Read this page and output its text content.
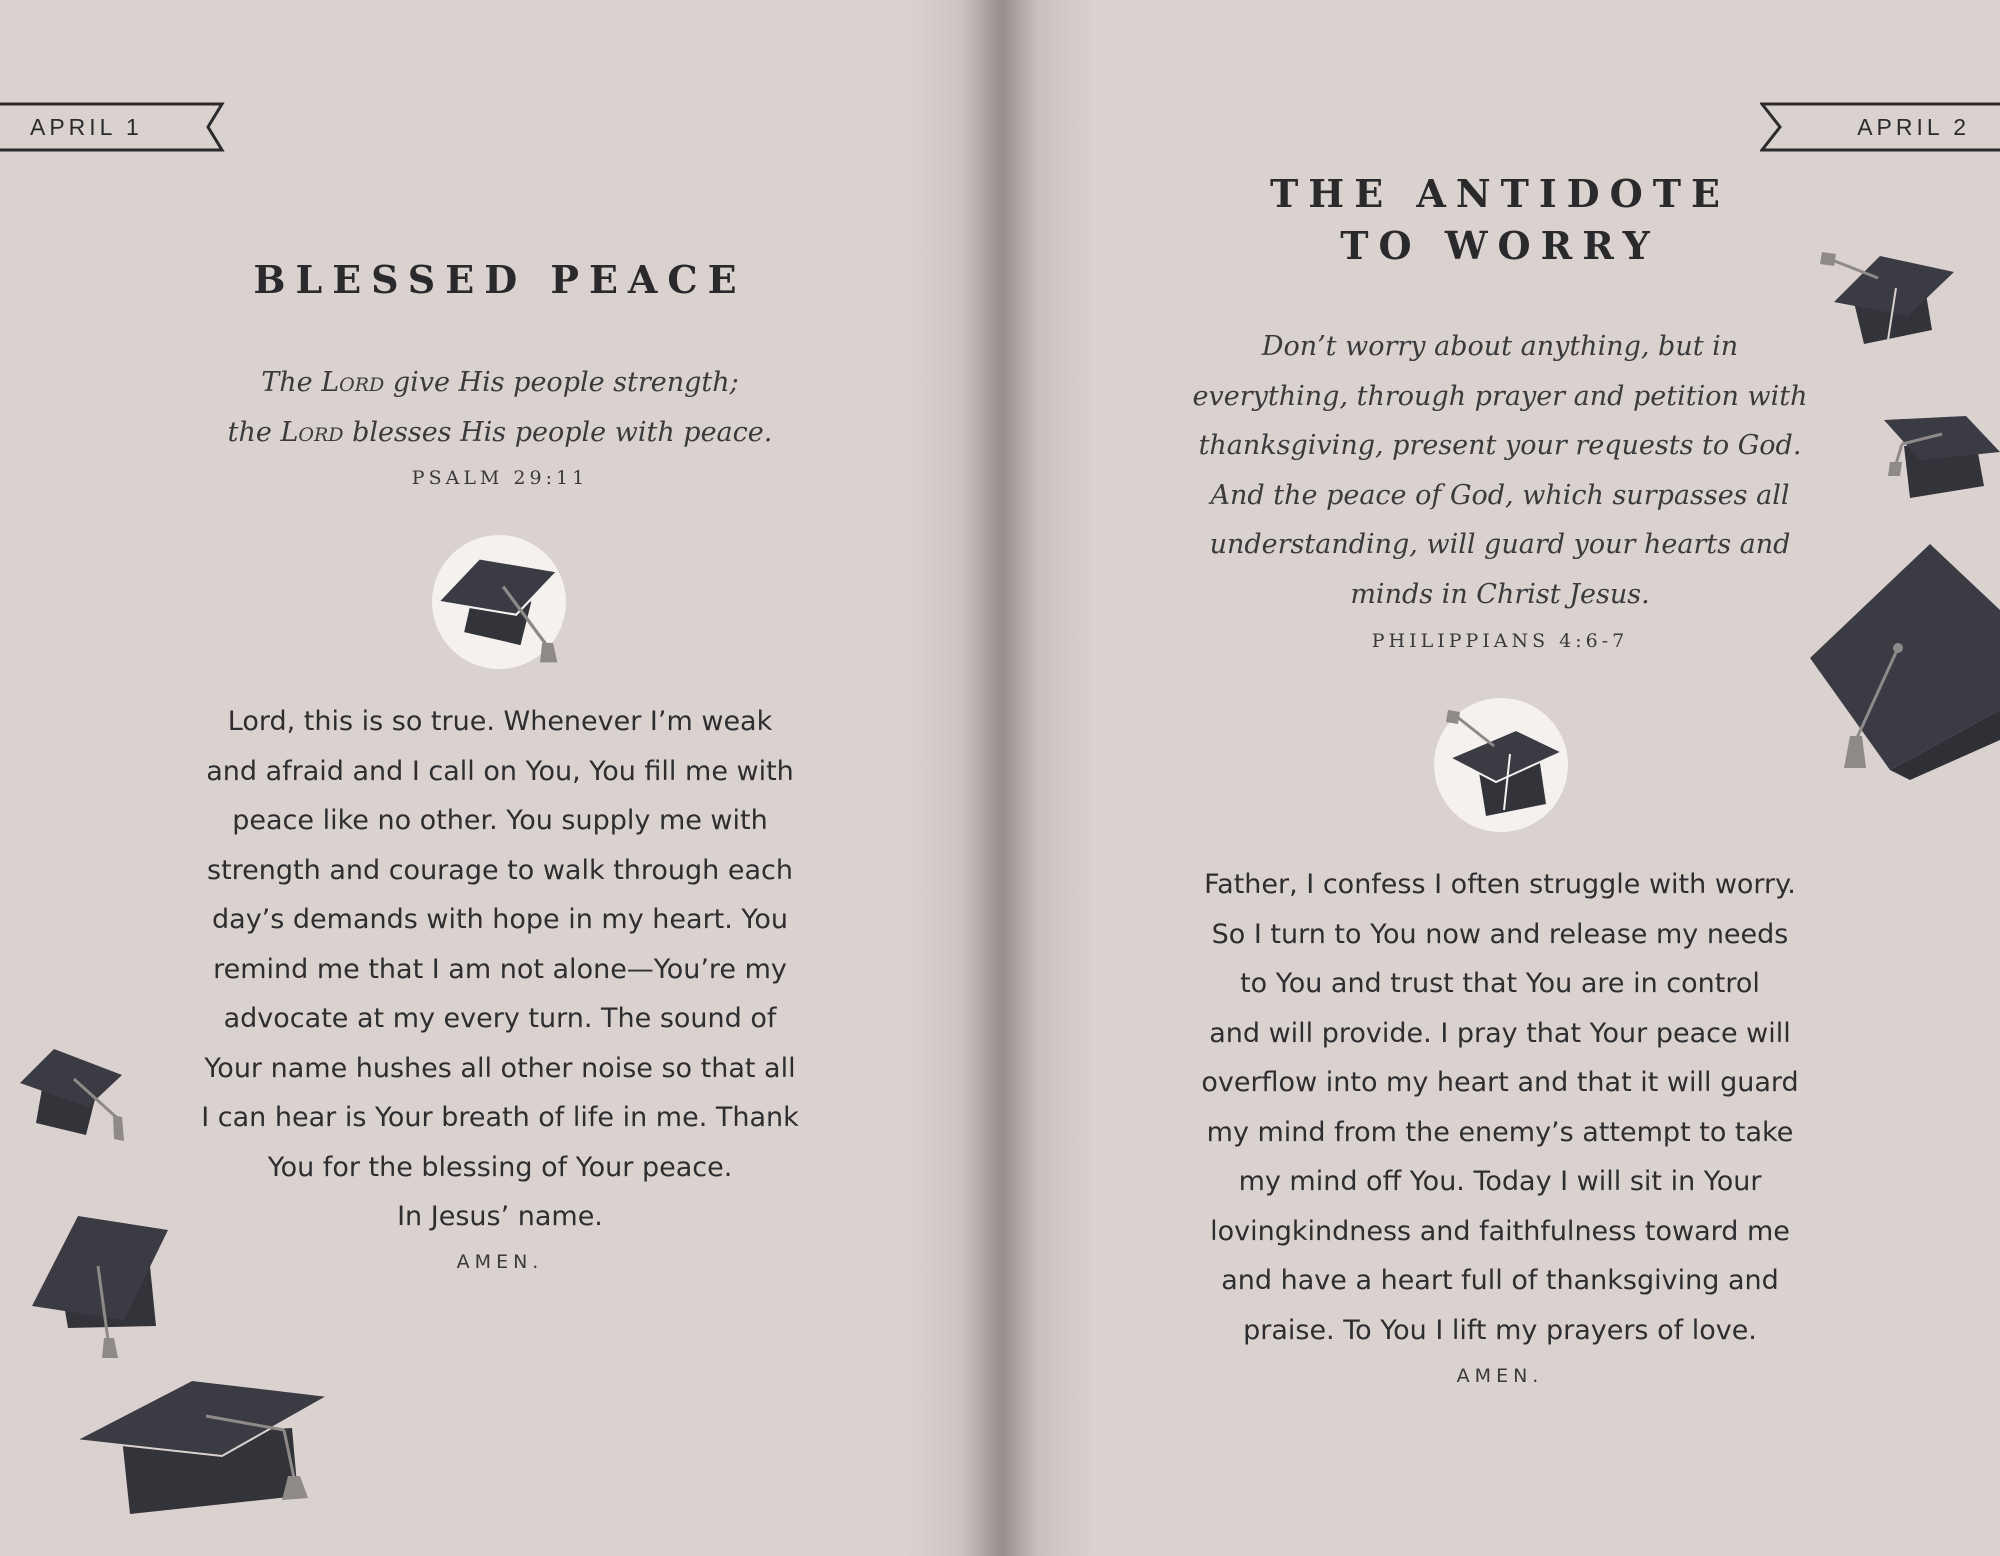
APRIL 1
BLESSED PEACE
The Lord give His people strength;
the Lord blesses His people with peace.
PSALM 29:11
Lord, this is so true. Whenever I’m weak
and afraid and I call on You, You fill me with
peace like no other. You supply me with
strength and courage to walk through each
day’s demands with hope in my heart. You
remind me that I am not alone—You’re my
advocate at my every turn. The sound of
Your name hushes all other noise so that all
I can hear is Your breath of life in me. Thank
You for the blessing of Your peace.
In Jesus’ name.
AMEN.
THE ANTIDOTE
TO WORRY
Don’t worry about anything, but in
everything, through prayer and petition with
thanksgiving, present your requests to God.
And the peace of God, which surpasses all
understanding, will guard your hearts and
minds in Christ Jesus.
PHILIPPIANS 4:6-7
Father, I confess I often struggle with worry.
So I turn to You now and release my needs
to You and trust that You are in control
and will provide. I pray that Your peace will
overflow into my heart and that it will guard
my mind from the enemy’s attempt to take
my mind off You. Today I will sit in Your
lovingkindness and faithfulness toward me
and have a heart full of thanksgiving and
praise. To You I lift my prayers of love.
AMEN.
APRIL 2
